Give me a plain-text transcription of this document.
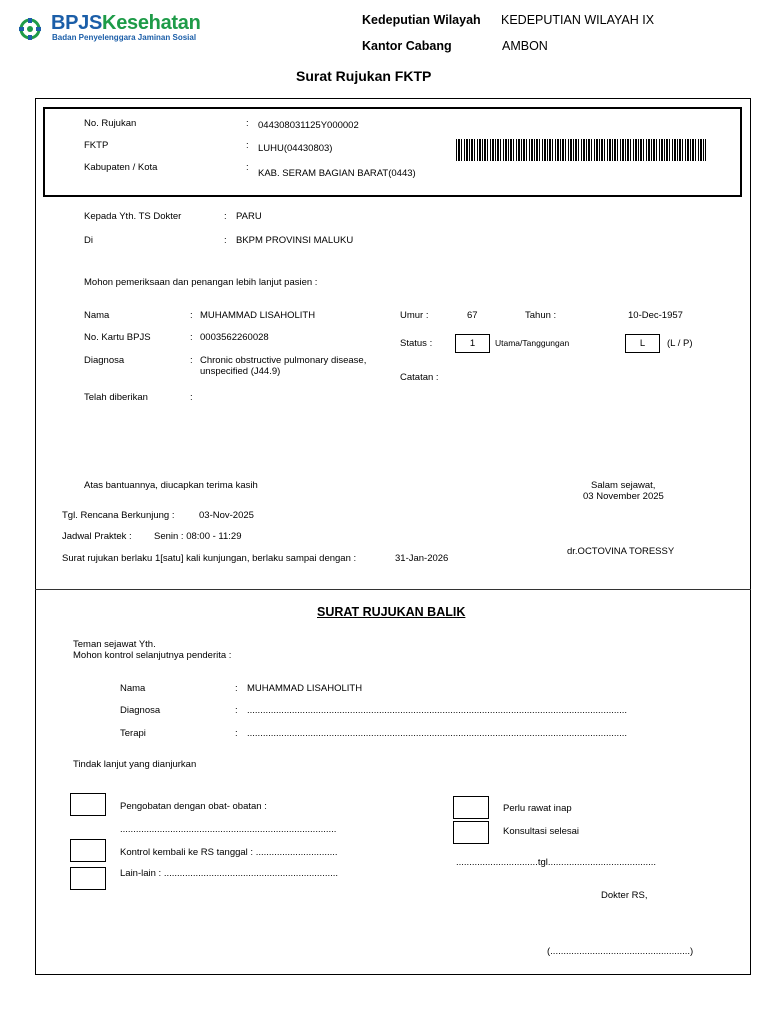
BPJSKesehatan
Badan Penyelenggara Jaminan Sosial
Kedeputian Wilayah KEDEPUTIAN WILAYAH IX
Kantor Cabang	AMBON
Surat Rujukan FKTP
No. Rujukan	: 044308031125Y000002
FKTP	: LUHU(04430803)
Kabupaten / Kota	:
KAB. SERAM BAGIAN BARAT(0443)
Kepada Yth. TS Dokter	: PARU
Di	: BKPM PROVINSI MALUKU
Mohon pemeriksaan dan penangan lebih lanjut pasien :
Nama	: MUHAMMAD LISAHOLITH
No. Kartu BPJS	: 0003562260028
Diagnosa	: Chronic obstructive pulmonary disease,
unspecified (J44.9)
Telah diberikan	:
Umur :	67	Tahun :	10-Dec-1957
Status :	1	Utama/Tanggungan	L	(L / P)
Catatan :
Atas bantuannya, diucapkan terima kasih	Salam sejawat,
03 November 2025
Tgl. Rencana Berkunjung :	03-Nov-2025
Jadwal Praktek : Senin : 08:00 - 11:29
Surat rujukan berlaku 1[satu] kali kunjungan, berlaku sampai dengan :	31-Jan-2026
dr.OCTOVINA TORESSY
SURAT RUJUKAN BALIK
Teman sejawat Yth.
Mohon kontrol selanjutnya penderita :
Nama	: MUHAMMAD LISAHOLITH
Diagnosa	: ................................................................................................................................................
Terapi	: ................................................................................................................................................
Tindak lanjut yang dianjurkan
Pengobatan dengan obat- obatan :
..................................................................................
Kontrol kembali ke RS tanggal : ...............................
Lain-lain : ..................................................................
Perlu rawat inap
Konsultasi selesai
...............................tgl.........................................
Dokter RS,
(.....................................................)
